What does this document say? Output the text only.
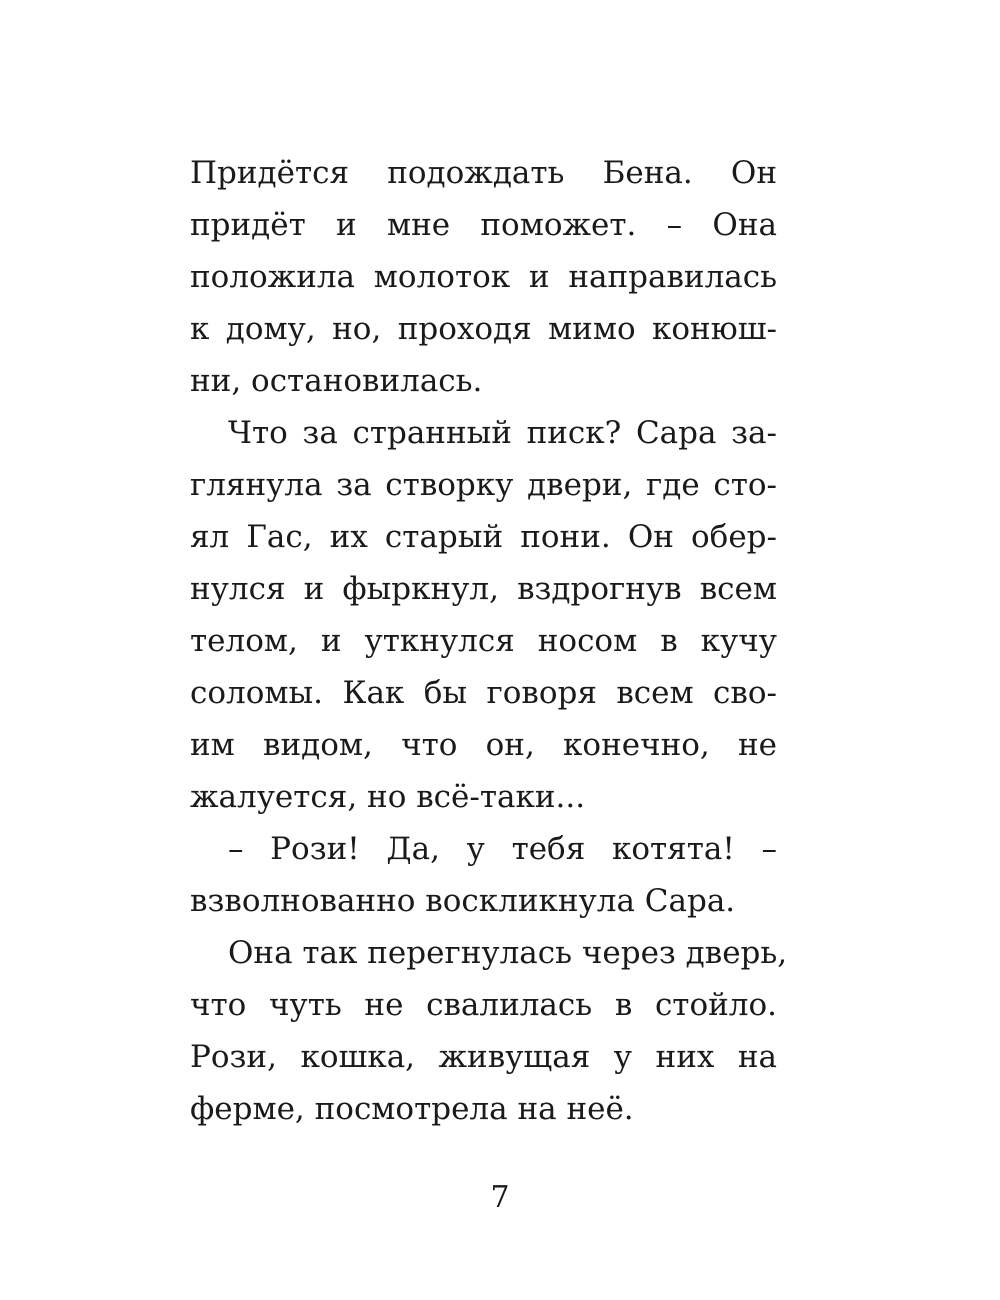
Придётся подождать Бена. Он
придёт и мне поможет. – Она
положила молоток и направилась
к дому, но, проходя мимо конюш-
ни, остановилась.
Что за странный писк? Сара за-
глянула за створку двери, где сто-
ял Гас, их старый пони. Он обер-
нулся и фыркнул, вздрогнув всем
телом, и уткнулся носом в кучу
соломы. Как бы говоря всем сво-
им видом, что он, конечно, не
жалуется, но всё-таки...
– Рози! Да, у тебя котята! –
взволнованно воскликнула Сара.
Она так перегнулась через дверь,
что чуть не свалилась в стойло.
Рози, кошка, живущая у них на
ферме, посмотрела на неё.
7
